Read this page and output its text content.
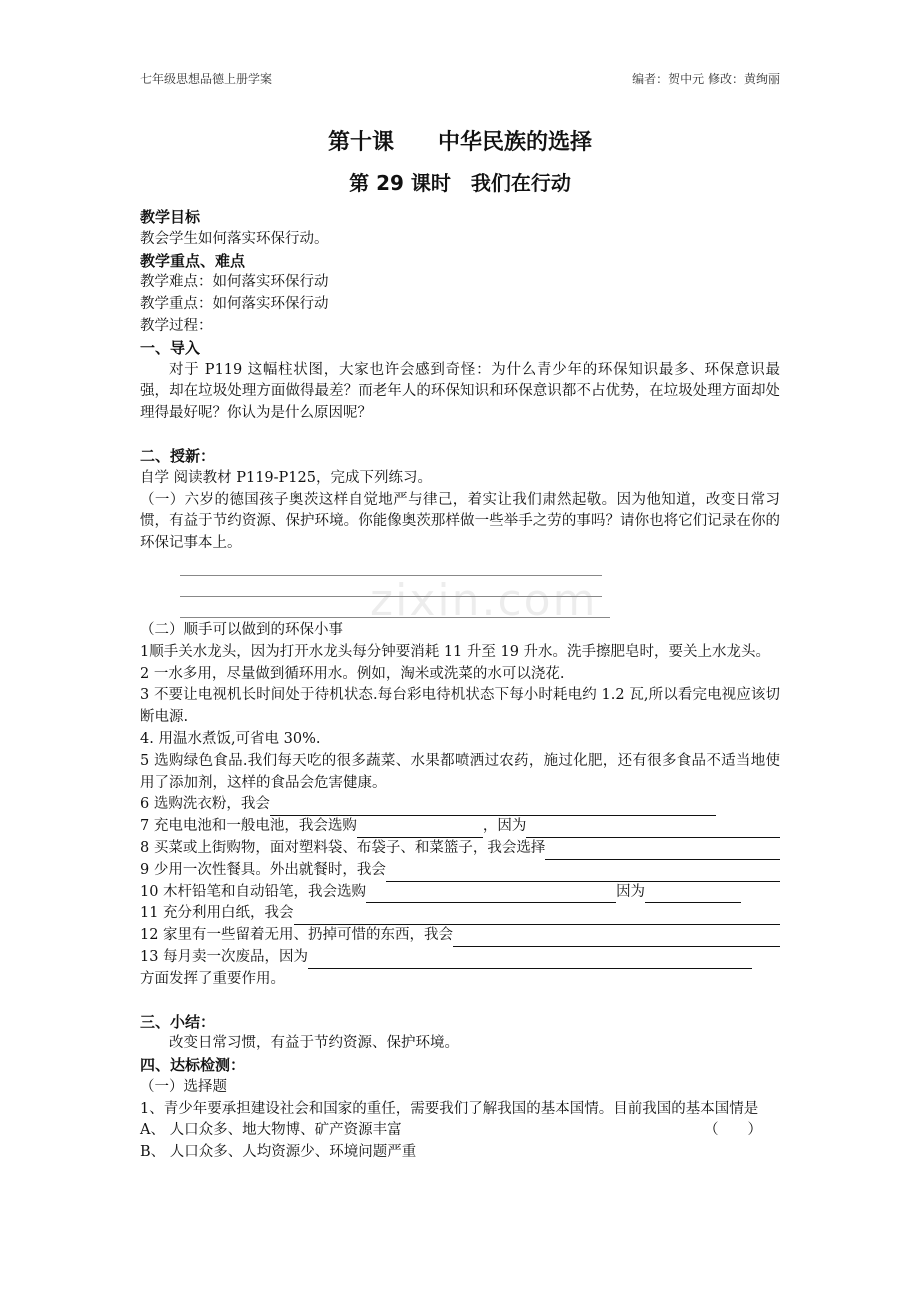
七年级思想品德上册学案	编者：贺中元 修改：黄绚丽
第十课　　中华民族的选择
第 29 课时　我们在行动
zixin.com

教学目标

教会学生如何落实环保行动。

教学重点、难点

教学难点：如何落实环保行动

教学重点：如何落实环保行动

教学过程：

一、导入

对于 P119 这幅柱状图，大家也许会感到奇怪：为什么青少年的环保知识最多、环保意识最强，却在垃圾处理方面做得最差？而老年人的环保知识和环保意识都不占优势，在垃圾处理方面却处理得最好呢？你认为是什么原因呢？

二、授新：

自学 阅读教材 P119-P125，完成下列练习。

（一）六岁的德国孩子奥茨这样自觉地严与律己，着实让我们肃然起敬。因为他知道，改变日常习惯，有益于节约资源、保护环境。你能像奥茨那样做一些举手之劳的事吗？请你也将它们记录在你的环保记事本上。

（二）顺手可以做到的环保小事

1顺手关水龙头，因为打开水龙头每分钟要消耗 11 升至 19 升水。洗手擦肥皂时，要关上水龙头。

2 一水多用，尽量做到循环用水。例如，淘米或洗菜的水可以浇花.

3 不要让电视机长时间处于待机状态.每台彩电待机状态下每小时耗电约 1.2 瓦,所以看完电视应该切断电源.

4. 用温水煮饭,可省电 30%.

5 选购绿色食品.我们每天吃的很多蔬菜、水果都喷洒过农药，施过化肥，还有很多食品不适当地使用了添加剂，这样的食品会危害健康。

6 选购洗衣粉，我会
7 充电电池和一般电池，我会选购	，因为
8 买菜或上街购物，面对塑料袋、布袋子、和菜篮子，我会选择
9 少用一次性餐具。外出就餐时，我会
10 木杆铅笔和自动铅笔，我会选购	因为
11 充分利用白纸，我会
12 家里有一些留着无用、扔掉可惜的东西，我会
13 每月卖一次废品，因为

方面发挥了重要作用。

三、小结：

改变日常习惯，有益于节约资源、保护环境。

四、达标检测：

（一）选择题

1、青少年要承担建设社会和国家的重任，需要我们了解我国的基本国情。目前我国的基本国情是
（　　）

A、 人口众多、地大物博、矿产资源丰富

B、 人口众多、人均资源少、环境问题严重
